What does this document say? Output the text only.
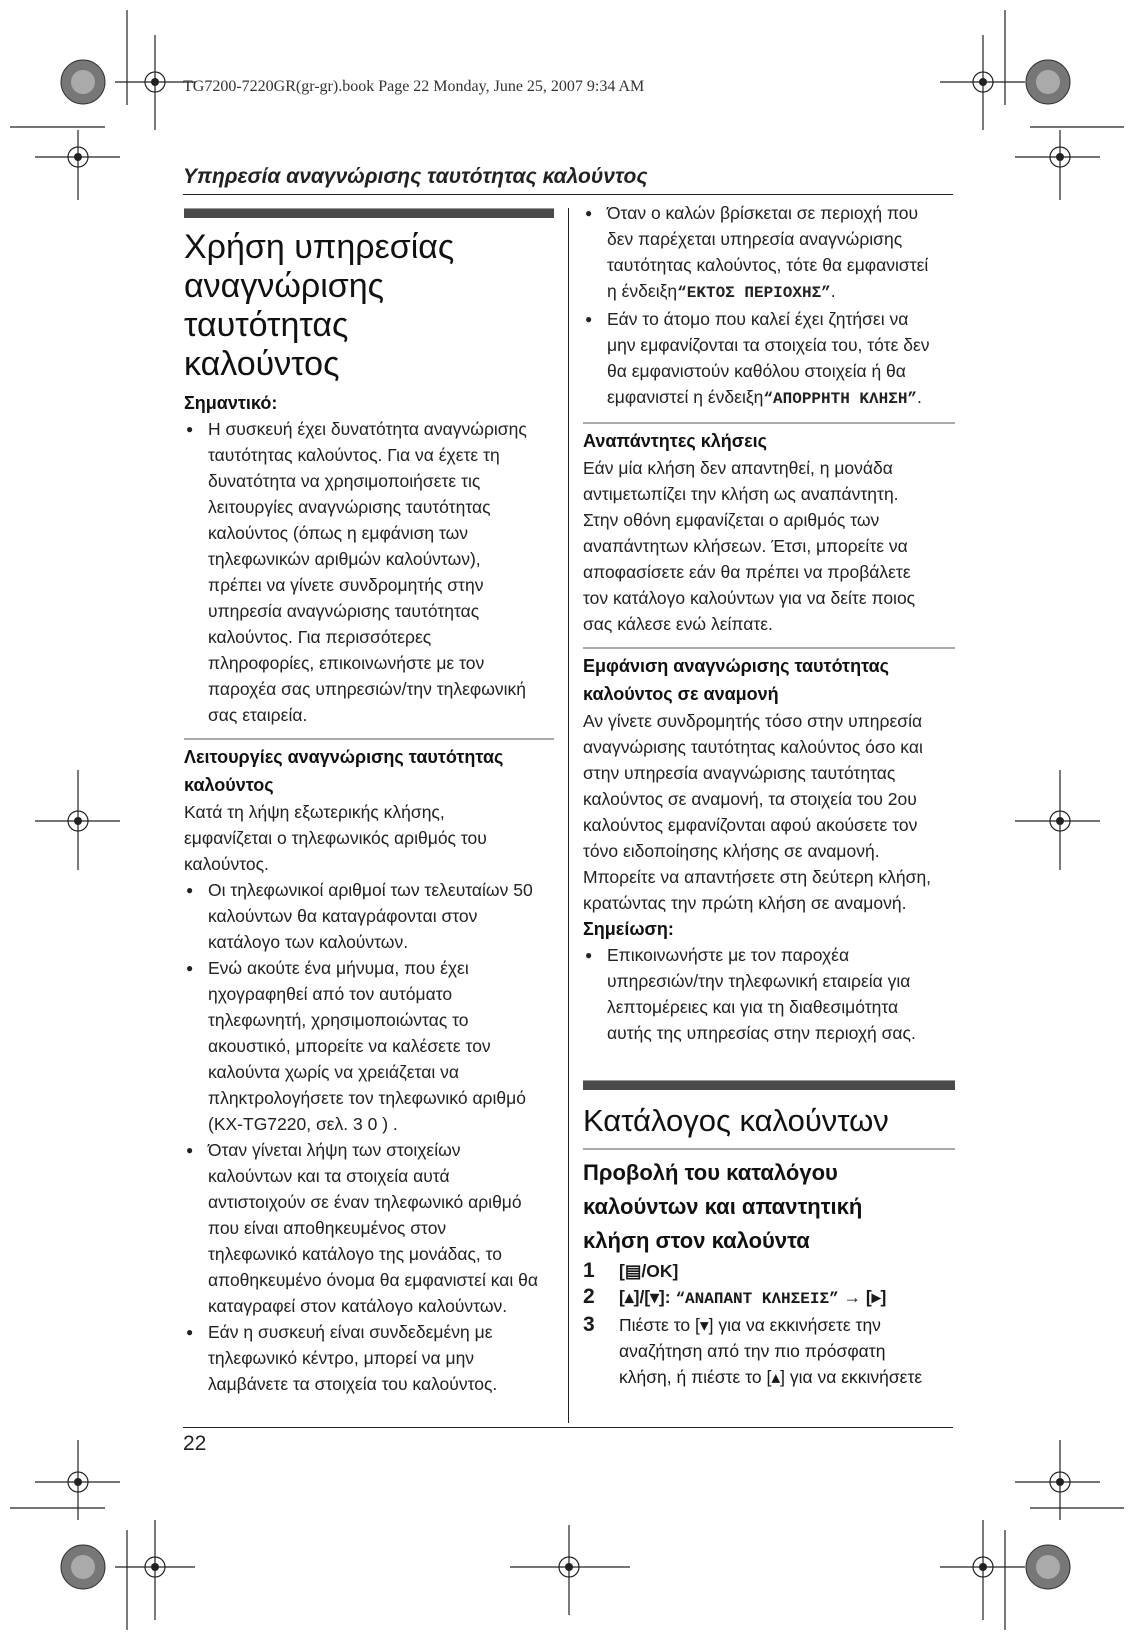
TG7200-7220GR(gr-gr).book Page 22 Monday, June 25, 2007 9:34 AM
Υπηρεσία αναγνώρισης ταυτότητας καλούντος
Χρήση υπηρεσίας
αναγνώρισης ταυτότητας
καλούντος
Σημαντικό:
● Η συσκευή έχει δυνατότητα αναγνώρισης
ταυτότητας καλούντος. Για να έχετε τη
δυνατότητα να χρησιμοποιήσετε τις
λειτουργίες αναγνώρισης ταυτότητας
καλούντος (όπως η εμφάνιση των
τηλεφωνικών αριθμών καλούντων),
πρέπει να γίνετε συνδρομητής στην
υπηρεσία αναγνώρισης ταυτότητας
καλούντος. Για περισσότερες
πληροφορίες, επικοινωνήστε με τον
παροχέα σας υπηρεσιών/την τηλεφωνική
σας εταιρεία.
Λειτουργίες αναγνώρισης ταυτότητας
καλούντος
Κατά τη λήψη εξωτερικής κλήσης,
εμφανίζεται ο τηλεφωνικός αριθμός του
καλούντος.
● Οι τηλεφωνικοί αριθμοί των τελευταίων 50
καλούντων θα καταγράφονται στον
κατάλογο των καλούντων.
● Ενώ ακούτε ένα μήνυμα, που έχει
ηχογραφηθεί από τον αυτόματο
τηλεφωνητή, χρησιμοποιώντας το
ακουστικό, μπορείτε να καλέσετε τον
καλούντα χωρίς να χρειάζεται να
πληκτρολογήσετε τον τηλεφωνικό αριθμό
(KX-TG7220, σελ. 3 0 ) .
● Όταν γίνεται λήψη των στοιχείων
καλούντων και τα στοιχεία αυτά
αντιστοιχούν σε έναν τηλεφωνικό αριθμό
που είναι αποθηκευμένος στον
τηλεφωνικό κατάλογο της μονάδας, το
αποθηκευμένο όνομα θα εμφανιστεί και θα
καταγραφεί στον κατάλογο καλούντων.
● Εάν η συσκευή είναι συνδεδεμένη με
τηλεφωνικό κέντρο, μπορεί να μην
λαμβάνετε τα στοιχεία του καλούντος.
● Όταν ο καλών βρίσκεται σε περιοχή που
δεν παρέχεται υπηρεσία αναγνώρισης
ταυτότητας καλούντος, τότε θα εμφανιστεί
η ένδειξη“ΕΚΤΟΣ ΠΕΡΙΟΧΗΣ”.
● Εάν το άτομο που καλεί έχει ζητήσει να
μην εμφανίζονται τα στοιχεία του, τότε δεν
θα εμφανιστούν καθόλου στοιχεία ή θα
εμφανιστεί η ένδειξη“ΑΠΟΡΡΗΤΗ ΚΛΗΣΗ”.
Αναπάντητες κλήσεις
Εάν μία κλήση δεν απαντηθεί, η μονάδα
αντιμετωπίζει την κλήση ως αναπάντητη.
Στην οθόνη εμφανίζεται ο αριθμός των
αναπάντητων κλήσεων. Έτσι, μπορείτε να
αποφασίσετε εάν θα πρέπει να προβάλετε
τον κατάλογο καλούντων για να δείτε ποιος
σας κάλεσε ενώ λείπατε.
Εμφάνιση αναγνώρισης ταυτότητας
καλούντος σε αναμονή
Αν γίνετε συνδρομητής τόσο στην υπηρεσία
αναγνώρισης ταυτότητας καλούντος όσο και
στην υπηρεσία αναγνώρισης ταυτότητας
καλούντος σε αναμονή, τα στοιχεία του 2ου
καλούντος εμφανίζονται αφού ακούσετε τον
τόνο ειδοποίησης κλήσης σε αναμονή.
Μπορείτε να απαντήσετε στη δεύτερη κλήση,
κρατώντας την πρώτη κλήση σε αναμονή.
Σημείωση:
● Επικοινωνήστε με τον παροχέα
υπηρεσιών/την τηλεφωνική εταιρεία για
λεπτομέρειες και για τη διαθεσιμότητα
αυτής της υπηρεσίας στην περιοχή σας.
Κατάλογος καλούντων
Προβολή του καταλόγου
καλούντων και απαντητική
κλήση στον καλούντα
1 [▤/OK]
2 [▴]/[▾]: “ΑΝΑΠΑΝΤ ΚΛΗΣΕΙΣ” → [▸]
3 Πιέστε το [▾] για να εκκινήσετε την
αναζήτηση από την πιο πρόσφατη
κλήση, ή πιέστε το [▴] για να εκκινήσετε
22
